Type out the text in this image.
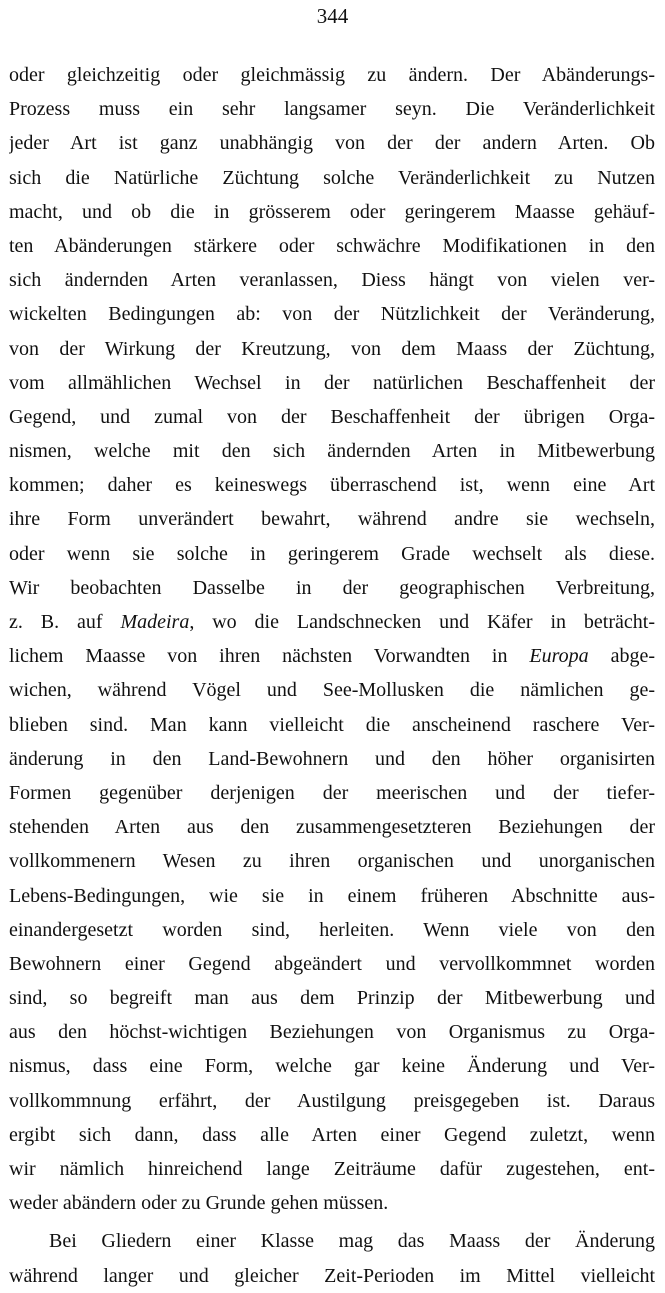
344
oder gleichzeitig oder gleichmässig zu ändern. Der Abänderungs-
Prozess muss ein sehr langsamer seyn. Die Veränderlichkeit
jeder Art ist ganz unabhängig von der der andern Arten. Ob
sich die Natürliche Züchtung solche Veränderlichkeit zu Nutzen
macht, und ob die in grösserem oder geringerem Maasse gehäuf-
ten Abänderungen stärkere oder schwächre Modifikationen in den
sich ändernden Arten veranlassen, Diess hängt von vielen ver-
wickelten Bedingungen ab: von der Nützlichkeit der Veränderung,
von der Wirkung der Kreutzung, von dem Maass der Züchtung,
vom allmählichen Wechsel in der natürlichen Beschaffenheit der
Gegend, und zumal von der Beschaffenheit der übrigen Orga-
nismen, welche mit den sich ändernden Arten in Mitbewerbung
kommen; daher es keineswegs überraschend ist, wenn eine Art
ihre Form unverändert bewahrt, während andre sie wechseln,
oder wenn sie solche in geringerem Grade wechselt als diese.
Wir beobachten Dasselbe in der geographischen Verbreitung,
z. B. auf Madeira, wo die Landschnecken und Käfer in beträcht-
lichem Maasse von ihren nächsten Vorwandten in Europa abge-
wichen, während Vögel und See-Mollusken die nämlichen ge-
blieben sind. Man kann vielleicht die anscheinend raschere Ver-
änderung in den Land-Bewohnern und den höher organisirten
Formen gegenüber derjenigen der meerischen und der tiefer-
stehenden Arten aus den zusammengesetzteren Beziehungen der
vollkommenern Wesen zu ihren organischen und unorganischen
Lebens-Bedingungen, wie sie in einem früheren Abschnitte aus-
einandergesetzt worden sind, herleiten. Wenn viele von den
Bewohnern einer Gegend abgeändert und vervollkommnet worden
sind, so begreift man aus dem Prinzip der Mitbewerbung und
aus den höchst-wichtigen Beziehungen von Organismus zu Orga-
nismus, dass eine Form, welche gar keine Änderung und Ver-
vollkommnung erfährt, der Austilgung preisgegeben ist. Daraus
ergibt sich dann, dass alle Arten einer Gegend zuletzt, wenn
wir nämlich hinreichend lange Zeiträume dafür zugestehen, ent-
weder abändern oder zu Grunde gehen müssen.
Bei Gliedern einer Klasse mag das Maass der Änderung
während langer und gleicher Zeit-Perioden im Mittel vielleicht
